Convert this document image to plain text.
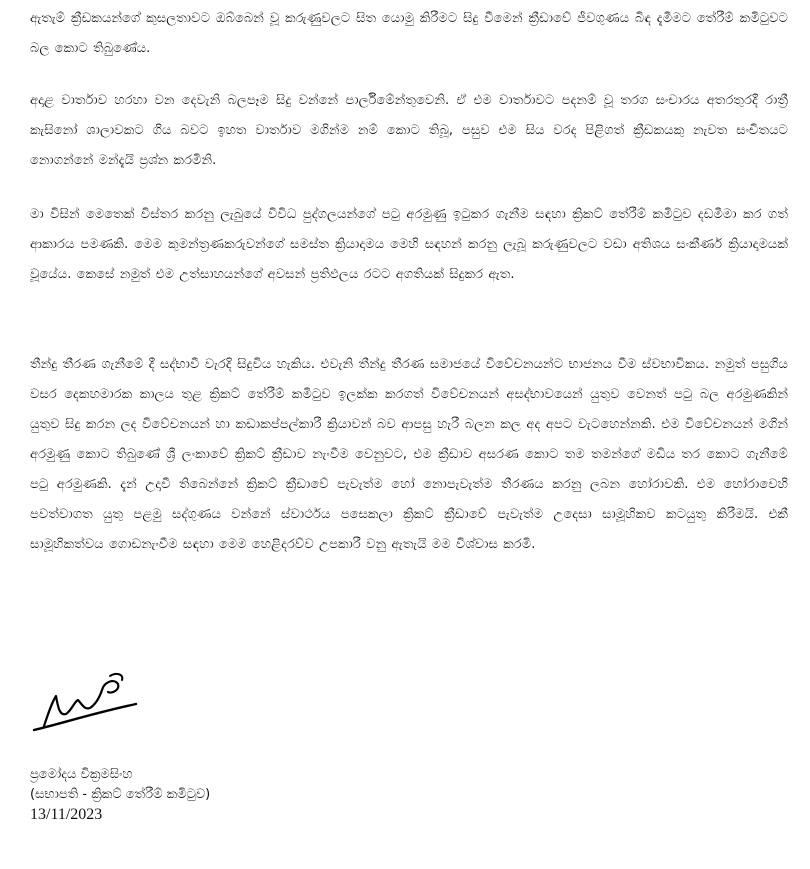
ඇතැම් ක්‍රීඩකයන්ගේ කුසලතාවට ඔබ්බෙන් වූ කරුණුවලට සිත යොමු කිරීමට සිදු වීමෙන් ක්‍රීඩාවේ ජීවගුණය බිඳ දැමීමට තේරීම් කමිටුවට බල කොට තිබුණේය.

අදාළ වාර්තාව හරහා වන දෙවැනි බලපෑම සිදු වන්නේ පාර්ලිමේන්තුවෙනි. ඒ එම වාර්තාවට පදනම් වූ තරග සංචාරය අතරතුරදී රාත්‍රී කැසිනෝ ශාලාවකට ගිය බවට ඉහත වාර්තාව මගින්ම නම් කොට තිබූ, පසුව එම සිය වරද පිළිගත් ක්‍රීඩකයකු නැවත සංචිතයට නොගන්නේ මන්දැයි ප්‍රශ්න කරමිනි.

මා විසින් මෙතෙක් විස්තර කරනු ලැබුයේ විවිධ පුද්ගලයන්ගේ පටු අරමුණු ඉටුකර ගැනීම සඳහා ක්‍රිකට් තේරීම් කමිටුව දඩමීමා කර ගත් ආකාරය පමණකි. මෙම කුමන්ත්‍රණකරුවන්ගේ සමස්ත ක්‍රියාදාමය මෙහි සඳහන් කරනු ලැබූ කරුණුවලට වඩා අතිශය සංකීර්ණ ක්‍රියාදාමයක් වූයේය. කෙසේ නමුත් එම උත්සාහයන්ගේ අවසන් ප්‍රතිඵලය රටට අගතියක් සිදුකර ඇත.

තීන්දු තීරණ ගැනීමේ දී සද්භාවී වැරදි සිදුවිය හැකිය. එවැනි තීන්දු තීරණ සමාජයේ විවේචනයන්ට භාජනය වීම ස්වභාවිකය. නමුත් පසුගිය වසර දෙකහමාරක කාලය තුළ ක්‍රිකට් තේරීම් කමිටුව ඉලක්ක කරගත් විවේචනයන් අසද්භාවයෙන් යුතුව වෙනත් පටු බල අරමුණකින් යුතුව සිදු කරන ලද විවේචනයන් හා කඩාකප්පල්කාරී ක්‍රියාවන් බව ආපසු හැරී බලන කල අද අපට වැටහෙන්නකි. එම විවේචනයන් මගින් අරමුණු කොට තිබුණේ ශ්‍රී ලංකාවේ ක්‍රිකට් ක්‍රීඩාව නැංවීම වෙනුවට, එම ක්‍රීඩාව අසරණ කොට තම තමන්ගේ මඩිය තර කොට ගැනීමේ පටු අරමුණකි. දැන් උදාවී තිබෙන්නේ ක්‍රිකට් ක්‍රීඩාවේ පැවැත්ම හෝ නොපැවැත්ම තීරණය කරනු ලබන හෝරාවකි. එම හෝරාවෙහි පවත්වාගත යුතු පළමු සද්ගුණය වන්නේ ස්වාර්ථය පසෙකලා ක්‍රිකට් ක්‍රීඩාවේ පැවැත්ම උදෙසා සාමූහිකව කටයුතු කිරීමයි. එකී සාමූහිකත්වය ගොඩනැංවීම සඳහා මෙම හෙළිදරව්ව උපකාරී වනු ඇතැයි මම විශ්වාස කරමි.

ප්‍රමෝදය වික්‍රමසිංහ
(සභාපති - ක්‍රිකට් තේරීම් කමිටුව)
13/11/2023
